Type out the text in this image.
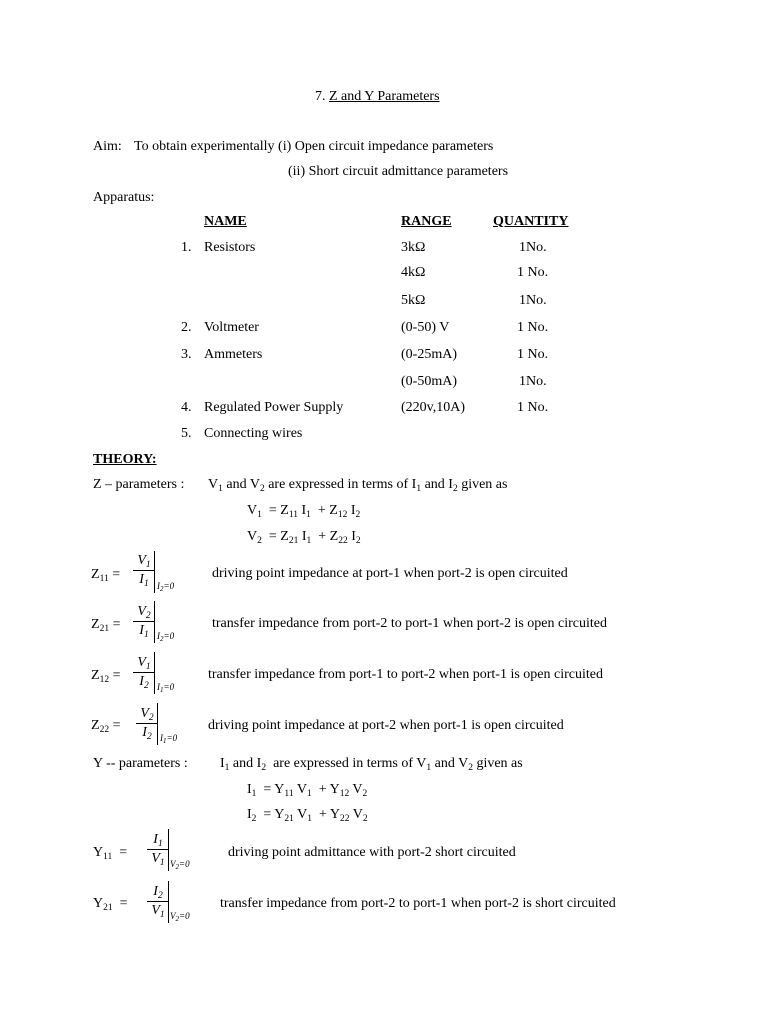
7. Z and Y Parameters
Aim: To obtain experimentally (i) Open circuit impedance parameters
(ii) Short circuit admittance parameters
Apparatus:
NAME	RANGE	QUANTITY
1. Resistors	3kΩ	1No.
4kΩ	1 No.
5kΩ	1No.
2. Voltmeter	(0-50) V	1 No.
3. Ammeters	(0-25mA)	1 No.
(0-50mA)	1No.
4. Regulated Power Supply	(220v,10A)	1 No.
5. Connecting wires
THEORY:
Z – parameters : $V_1$ and $V_2$ are expressed in terms of $I_1$ and $I_2$ given as
$V_1 = Z_{11}$ $I_1 + Z_{12}$ $I_2$
$V_2 = Z_{21}$ $I_1 + Z_{22}$ $I_2$
$Z_{11}$ =
$V_1$
$I_1$ $I_2=0$
driving point impedance at port-1 when port-2 is open circuited
$Z_{21}$ =
$V_2$
$I_1$ $I_2=0$
transfer impedance from port-2 to port-1 when port-2 is open circuited
$Z_{12}$ =
$V_1$
$I_2$ $I_1=0$
transfer impedance from port-1 to port-2 when port-1 is open circuited
$Z_{22}$ =
$V_2$
$I_2$ $I_1=0$
driving point impedance at port-2 when port-1 is open circuited
Y -- parameters : $I_1$ and $I_2$  are expressed in terms of $V_1$ and $V_2$ given as
$I_1 = Y_{11}$ $V_1 + Y_{12}$ $V_2$
$I_2 = Y_{21}$ $V_1 + Y_{22}$ $V_2$
$Y_{11}$  =
$I_1$
$V_1$ $V_2=0$
driving point admittance with port-2 short circuited
$Y_{21}$  =
$I_2$
$V_1$ $V_2=0$
transfer impedance from port-2 to port-1 when port-2 is short circuited
